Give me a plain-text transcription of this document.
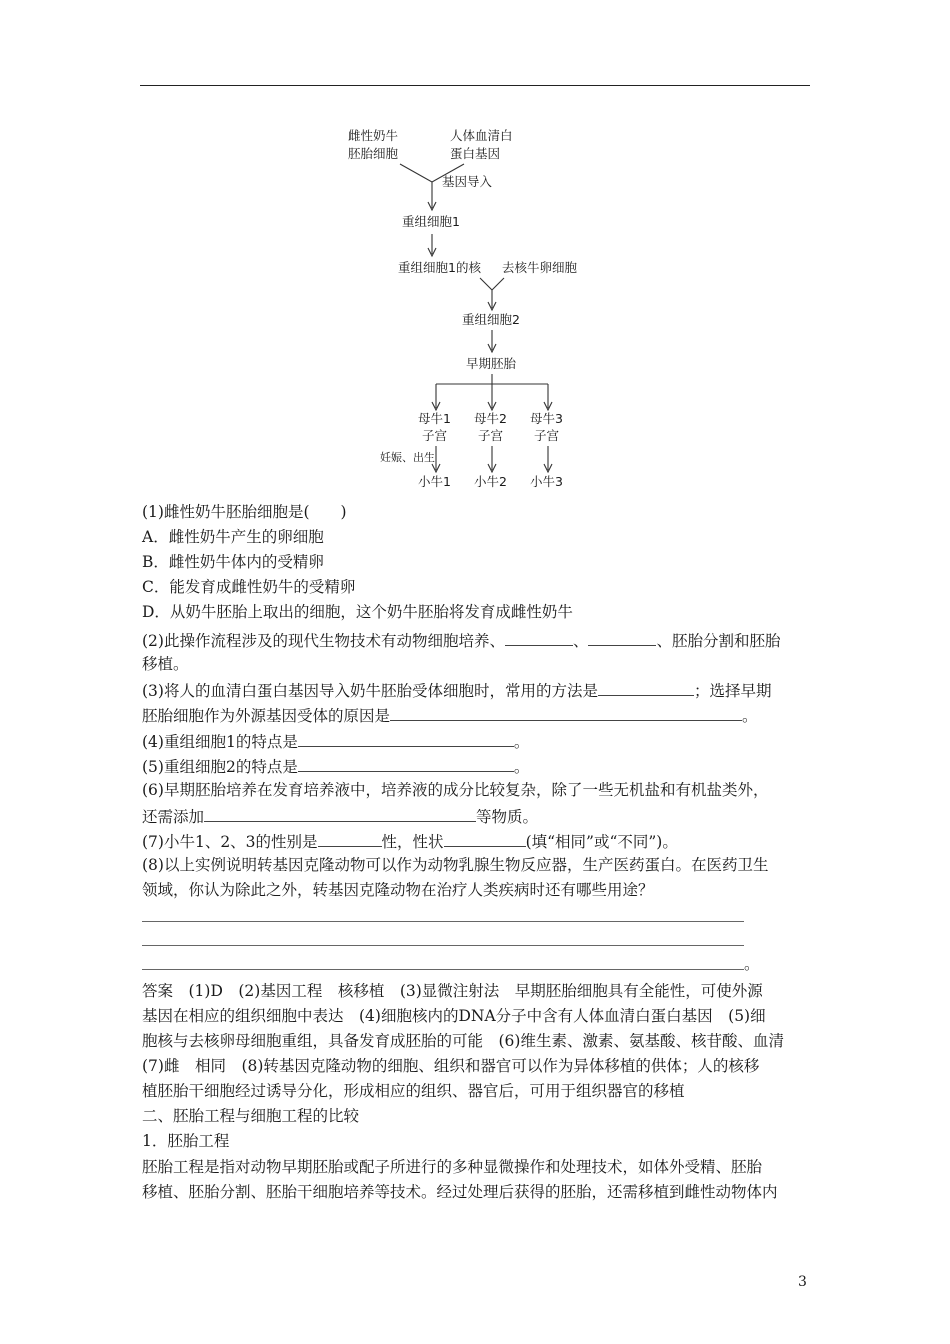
雌性奶牛
胚胎细胞
人体血清白
蛋白基因
基因导入
重组细胞1
重组细胞1的核 去核牛卵细胞
重组细胞2
早期胚胎
母牛1
子宫
母牛2
子宫
母牛3
子宫
妊娠、出生
小牛1 小牛2 小牛3
(1)雌性奶牛胚胎细胞是(　　)
A．雌性奶牛产生的卵细胞
B．雌性奶牛体内的受精卵
C．能发育成雌性奶牛的受精卵
D．从奶牛胚胎上取出的细胞，这个奶牛胚胎将发育成雌性奶牛
(2)此操作流程涉及的现代生物技术有动物细胞培养、	、	、胚胎分割和胚胎
移植。
(3)将人的血清白蛋白基因导入奶牛胚胎受体细胞时，常用的方法是	；选择早期
胚胎细胞作为外源基因受体的原因是	。
(4)重组细胞1的特点是	。
(5)重组细胞2的特点是	。
(6)早期胚胎培养在发育培养液中，培养液的成分比较复杂，除了一些无机盐和有机盐类外，
还需添加	等物质。
(7)小牛1、2、3的性别是	性，性状	(填“相同”或“不同”)。
(8)以上实例说明转基因克隆动物可以作为动物乳腺生物反应器，生产医药蛋白。在医药卫生
领域，你认为除此之外，转基因克隆动物在治疗人类疾病时还有哪些用途？
。
答案　(1)D　(2)基因工程　核移植　(3)显微注射法　早期胚胎细胞具有全能性，可使外源
基因在相应的组织细胞中表达　(4)细胞核内的DNA分子中含有人体血清白蛋白基因　(5)细
胞核与去核卵母细胞重组，具备发育成胚胎的可能　(6)维生素、激素、氨基酸、核苷酸、血清
(7)雌　相同　(8)转基因克隆动物的细胞、组织和器官可以作为异体移植的供体；人的核移
植胚胎干细胞经过诱导分化，形成相应的组织、器官后，可用于组织器官的移植
二、胚胎工程与细胞工程的比较
1．胚胎工程
胚胎工程是指对动物早期胚胎或配子所进行的多种显微操作和处理技术，如体外受精、胚胎
移植、胚胎分割、胚胎干细胞培养等技术。经过处理后获得的胚胎，还需移植到雌性动物体内
3
